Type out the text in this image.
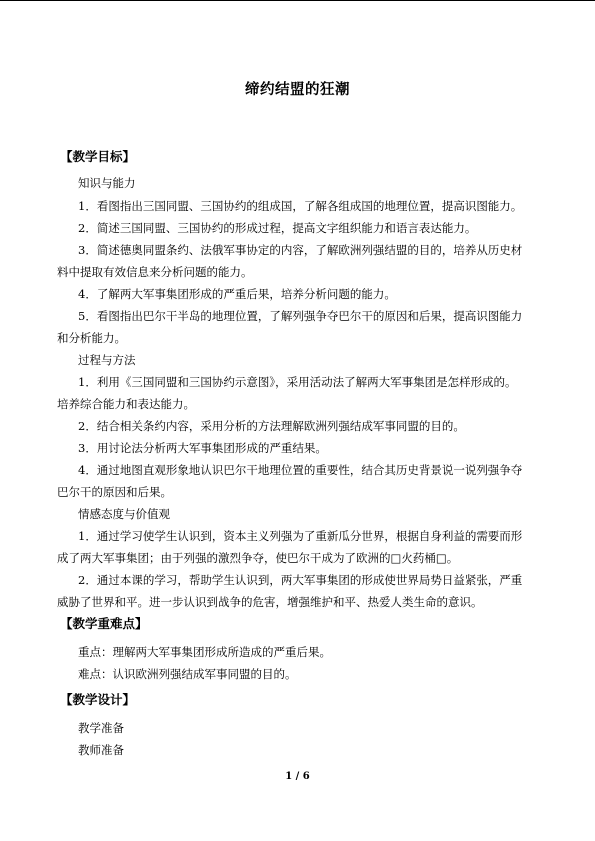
缔约结盟的狂潮
【教学目标】
知识与能力
1．看图指出三国同盟、三国协约的组成国，了解各组成国的地理位置，提高识图能力。
2．简述三国同盟、三国协约的形成过程，提高文字组织能力和语言表达能力。
3．简述德奥同盟条约、法俄军事协定的内容，了解欧洲列强结盟的目的，培养从历史材
料中提取有效信息来分析问题的能力。
4．了解两大军事集团形成的严重后果，培养分析问题的能力。
5．看图指出巴尔干半岛的地理位置，了解列强争夺巴尔干的原因和后果，提高识图能力
和分析能力。
过程与方法
1．利用《三国同盟和三国协约示意图》，采用活动法了解两大军事集团是怎样形成的。
培养综合能力和表达能力。
2．结合相关条约内容，采用分析的方法理解欧洲列强结成军事同盟的目的。
3．用讨论法分析两大军事集团形成的严重结果。
4．通过地图直观形象地认识巴尔干地理位置的重要性，结合其历史背景说一说列强争夺
巴尔干的原因和后果。
情感态度与价值观
1．通过学习使学生认识到，资本主义列强为了重新瓜分世界，根据自身利益的需要而形
成了两大军事集团；由于列强的激烈争夺，使巴尔干成为了欧洲的□火药桶□。
2．通过本课的学习，帮助学生认识到，两大军事集团的形成使世界局势日益紧张，严重
威胁了世界和平。进一步认识到战争的危害，增强维护和平、热爱人类生命的意识。
【教学重难点】
重点：理解两大军事集团形成所造成的严重后果。
难点：认识欧洲列强结成军事同盟的目的。
【教学设计】
教学准备
教师准备
1 / 6
